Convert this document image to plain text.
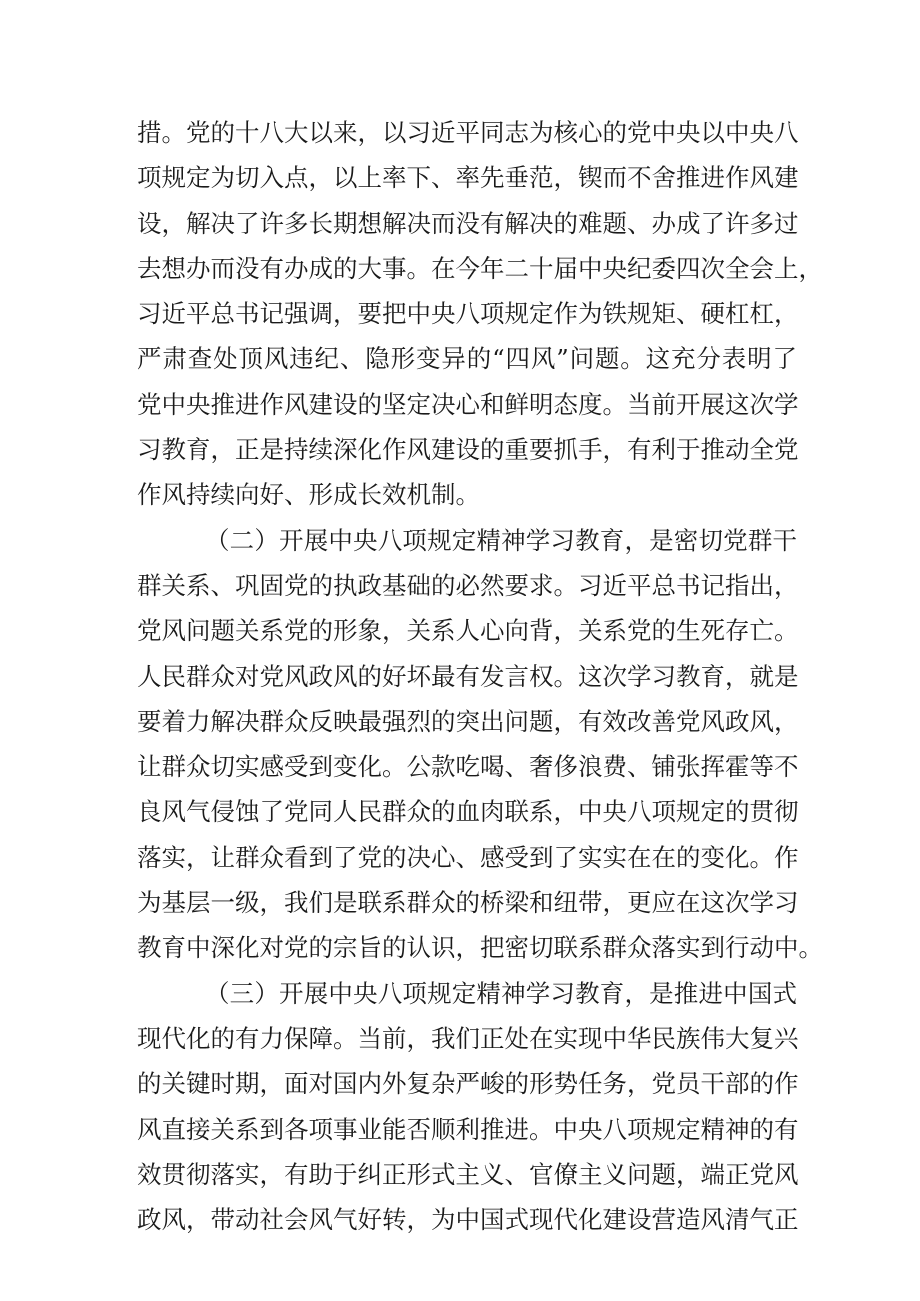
措。党的十八大以来，以习近平同志为核心的党中央以中央八
项规定为切入点，以上率下、率先垂范，锲而不舍推进作风建
设，解决了许多长期想解决而没有解决的难题、办成了许多过
去想办而没有办成的大事。在今年二十届中央纪委四次全会上，
习近平总书记强调，要把中央八项规定作为铁规矩、硬杠杠，
严肃查处顶风违纪、隐形变异的“四风”问题。这充分表明了
党中央推进作风建设的坚定决心和鲜明态度。当前开展这次学
习教育，正是持续深化作风建设的重要抓手，有利于推动全党
作风持续向好、形成长效机制。
（二）开展中央八项规定精神学习教育，是密切党群干
群关系、巩固党的执政基础的必然要求。习近平总书记指出，
党风问题关系党的形象，关系人心向背，关系党的生死存亡。
人民群众对党风政风的好坏最有发言权。这次学习教育，就是
要着力解决群众反映最强烈的突出问题，有效改善党风政风，
让群众切实感受到变化。公款吃喝、奢侈浪费、铺张挥霍等不
良风气侵蚀了党同人民群众的血肉联系，中央八项规定的贯彻
落实，让群众看到了党的决心、感受到了实实在在的变化。作
为基层一级，我们是联系群众的桥梁和纽带，更应在这次学习
教育中深化对党的宗旨的认识，把密切联系群众落实到行动中。
（三）开展中央八项规定精神学习教育，是推进中国式
现代化的有力保障。当前，我们正处在实现中华民族伟大复兴
的关键时期，面对国内外复杂严峻的形势任务，党员干部的作
风直接关系到各项事业能否顺利推进。中央八项规定精神的有
效贯彻落实，有助于纠正形式主义、官僚主义问题，端正党风
政风，带动社会风气好转，为中国式现代化建设营造风清气正
